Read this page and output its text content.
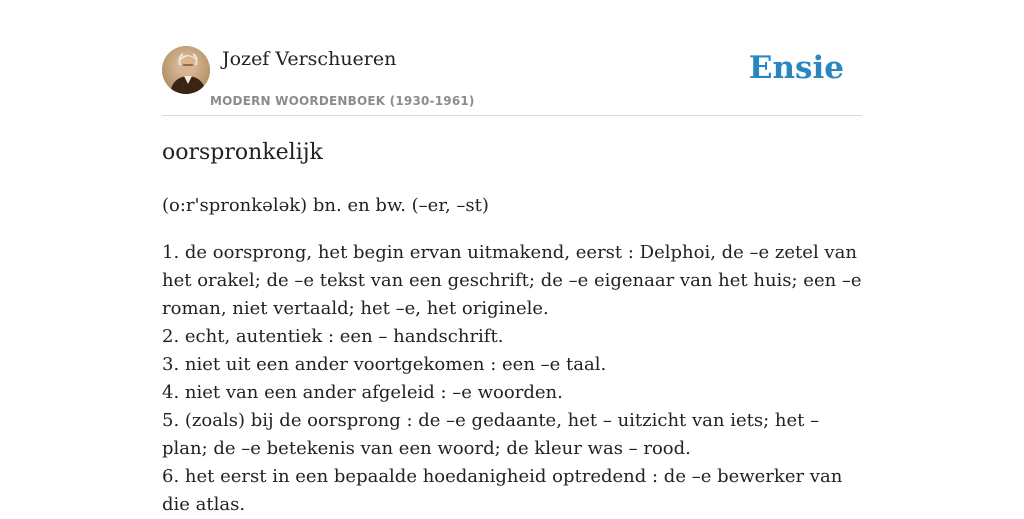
Jozef Verschueren
MODERN WOORDENBOEK (1930-1961)
Ensie
oorspronkelijk
(o:r'spronkələk) bn. en bw. (–er, –st)
1. de oorsprong, het begin ervan uitmakend, eerst : Delphoi, de –e zetel van het orakel; de –e tekst van een geschrift; de –e eigenaar van het huis; een –e roman, niet vertaald; het –e, het originele.
2. echt, autentiek : een – handschrift.
3. niet uit een ander voortgekomen : een –e taal.
4. niet van een ander afgeleid : –e woorden.
5. (zoals) bij de oorsprong : de –e gedaante, het – uitzicht van iets; het – plan; de –e betekenis van een woord; de kleur was – rood.
6. het eerst in een bepaalde hoedanigheid optredend : de –e bewerker van die atlas.
